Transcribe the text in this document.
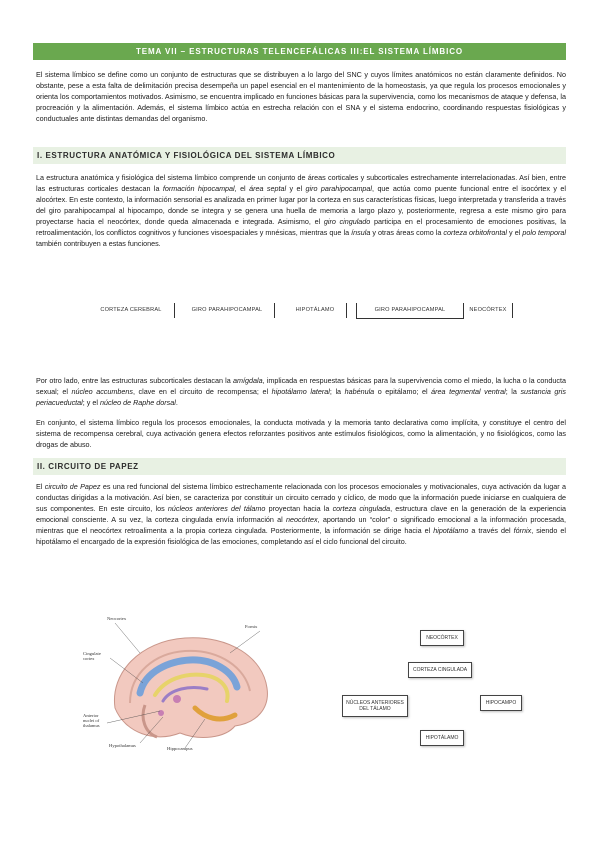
TEMA VII – ESTRUCTURAS TELENCEFÁLICAS III:EL SISTEMA LÍMBICO
El sistema límbico se define como un conjunto de estructuras que se distribuyen a lo largo del SNC y cuyos límites anatómicos no están claramente definidos. No obstante, pese a esta falta de delimitación precisa desempeña un papel esencial en el mantenimiento de la homeostasis, ya que regula los procesos emocionales y orienta los comportamientos motivados. Asimismo, se encuentra implicado en funciones básicas para la supervivencia, como los mecanismos de ataque y defensa, la procreación y la alimentación. Además, el sistema límbico actúa en estrecha relación con el SNA y el sistema endocrino, coordinando respuestas fisiológicas y conductuales ante distintas demandas del organismo.
I. ESTRUCTURA ANATÓMICA Y FISIOLÓGICA DEL SISTEMA LÍMBICO
La estructura anatómica y fisiológica del sistema límbico comprende un conjunto de áreas corticales y subcorticales estrechamente interrelacionadas. Así bien, entre las estructuras corticales destacan la formación hipocampal, el área septal y el giro parahipocampal, que actúa como puente funcional entre el isocórtex y el alocórtex. En este contexto, la información sensorial es analizada en primer lugar por la corteza en sus características físicas, luego interpretada y transferida a través del giro parahipocampal al hipocampo, donde se integra y se genera una huella de memoria a largo plazo y, posteriormente, regresa a este mismo giro para proyectarse hacia el neocórtex, donde queda almacenada e integrada. Asimismo, el giro cingulado participa en el procesamiento de emociones positivas, la retroalimentación, los conflictos cognitivos y funciones visoespaciales y mnésicas, mientras que la ínsula y otras áreas como la corteza orbitofrontal y el polo temporal también contribuyen a estas funciones.
CORTEZA CEREBRAL	GIRO PARAHIPOCAMPAL	HIPOTÁLAMO	GIRO PARAHIPOCAMPAL	NEOCÓRTEX
Por otro lado, entre las estructuras subcorticales destacan la amígdala, implicada en respuestas básicas para la supervivencia como el miedo, la lucha o la conducta sexual; el núcleo accumbens, clave en el circuito de recompensa; el hipotálamo lateral; la habénula o epitálamo; el área tegmental ventral; la sustancia gris periacueductal; y el núcleo de Raphe dorsal.
En conjunto, el sistema límbico regula los procesos emocionales, la conducta motivada y la memoria tanto declarativa como implícita, y constituye el centro del sistema de recompensa cerebral, cuya activación genera efectos reforzantes positivos ante estímulos fisiológicos, como la alimentación, y no fisiológicos, como las drogas de abuso.
II. CIRCUITO DE PAPEZ
El circuito de Papez es una red funcional del sistema límbico estrechamente relacionada con los procesos emocionales y motivacionales, cuya activación da lugar a conductas dirigidas a la motivación. Así bien, se caracteriza por constituir un circuito cerrado y cíclico, de modo que la información puede iniciarse en cualquiera de sus componentes. En este circuito, los núcleos anteriores del tálamo proyectan hacia la corteza cingulada, estructura clave en la generación de la experiencia emocional consciente. A su vez, la corteza cingulada envía información al neocórtex, aportando un “color” o significado emocional a la información procesada, mientras que el neocórtex retroalimenta a la propia corteza cingulada. Posteriormente, la información se dirige hacia el hipotálamo a través del fórnix, siendo el hipotálamo el encargado de la expresión fisiológica de las emociones, completando así el ciclo funcional del circuito.
Neocortex
Fornix
Cingulate cortex
Anterior nuclei of thalamus
Hypothalamus
Hippocampus
NEOCÓRTEX
CORTEZA CINGULADA
NÚCLEOS ANTERIORES DEL TÁLAMO
HIPOCAMPO
HIPOTÁLAMO
